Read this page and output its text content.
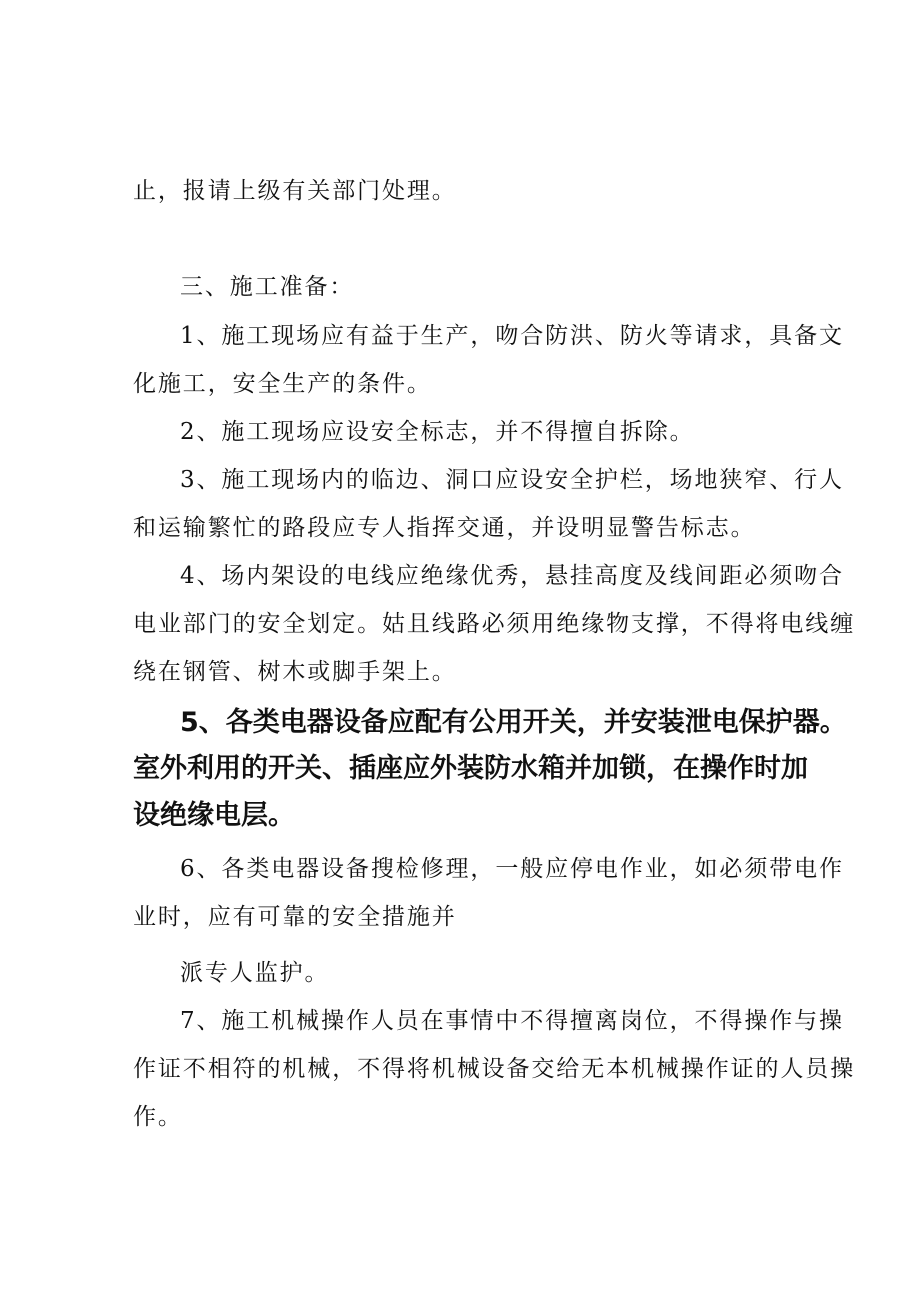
止，报请上级有关部门处理。
三、施工准备：
1、施工现场应有益于生产，吻合防洪、防火等请求，具备文
化施工，安全生产的条件。
2、施工现场应设安全标志，并不得擅自拆除。
3、施工现场内的临边、洞口应设安全护栏，场地狭窄、行人
和运输繁忙的路段应专人指挥交通，并设明显警告标志。
4、场内架设的电线应绝缘优秀，悬挂高度及线间距必须吻合
电业部门的安全划定。姑且线路必须用绝缘物支撑，不得将电线缠
绕在钢管、树木或脚手架上。
5、各类电器设备应配有公用开关，并安装泄电保护器。
室外利用的开关、插座应外装防水箱并加锁，在操作时加
设绝缘电层。
6、各类电器设备搜检修理，一般应停电作业，如必须带电作
业时，应有可靠的安全措施并
派专人监护。
7、施工机械操作人员在事情中不得擅离岗位，不得操作与操
作证不相符的机械，不得将机械设备交给无本机械操作证的人员操
作。
